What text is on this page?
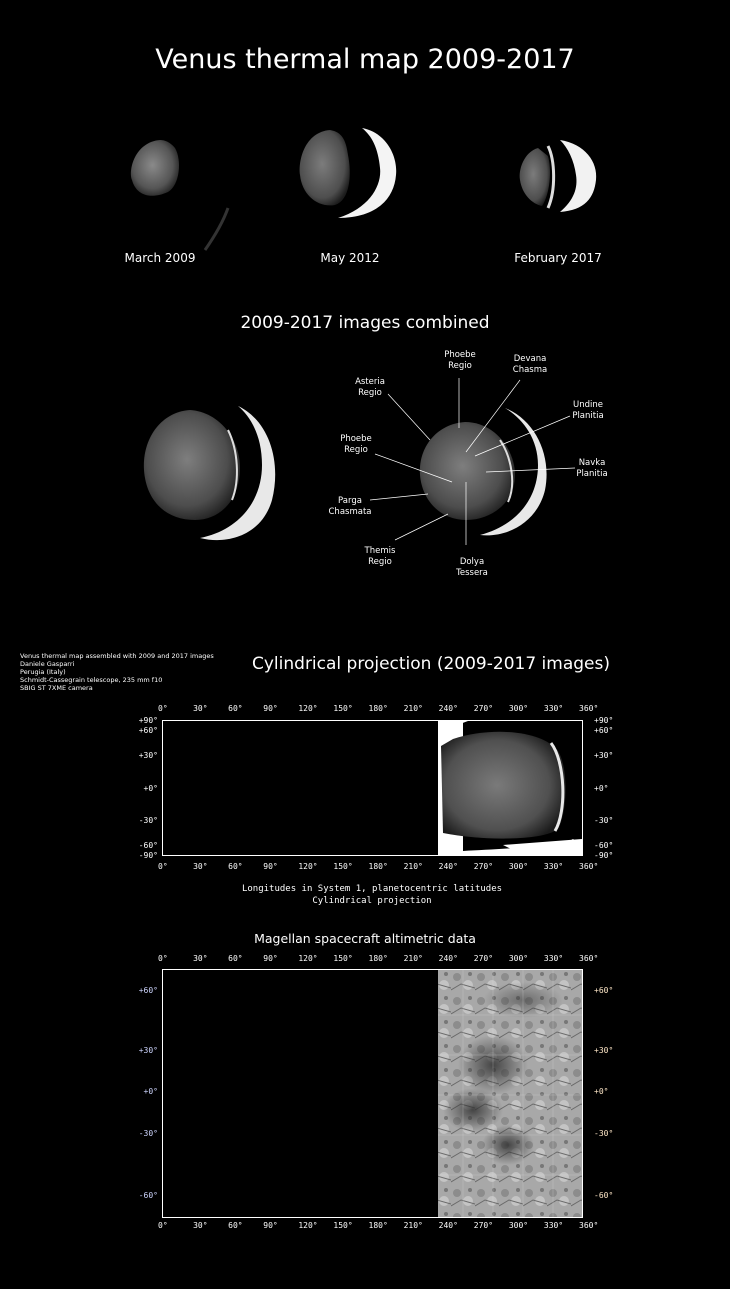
Venus thermal map 2009-2017
March 2009	May 2012	February 2017
2009-2017 images combined
Phoebe
Regio
Devana
Chasma
Asteria
Regio
Undine
Planitia
Phoebe
Regio
Navka
Planitia
Parga
Chasmata
Themis
Regio	Dolya
Tessera
Venus thermal map assembled with 2009 and 2017 images
Daniele Gasparri
Perugia (Italy)
Schmidt-Cassegrain telescope, 235 mm f10
SBIG ST 7XME camera
Cylindrical projection (2009-2017 images)
0°	30°	60°	90°	120° 150° 180° 210° 240° 270° 300° 330° 360°
+90°
+60°
+30°
+0°
-30°
-60°
-90°
+90°
+60°
+30°
+0°
-30°
-60°
-90°
0°	30°	60°	90°	120° 150° 180° 210° 240° 270° 300° 330° 360°
Longitudes in System 1, planetocentric latitudes
Cylindrical projection
Magellan spacecraft altimetric data
0°	30°	60°	90°	120° 150° 180° 210° 240° 270° 300° 330° 360°
+60°
+30°
+0°
-30°
-60°
+60°
+30°
+0°
-30°
-60°
0°	30°	60°	90°	120° 150° 180° 210° 240° 270° 300° 330° 360°
